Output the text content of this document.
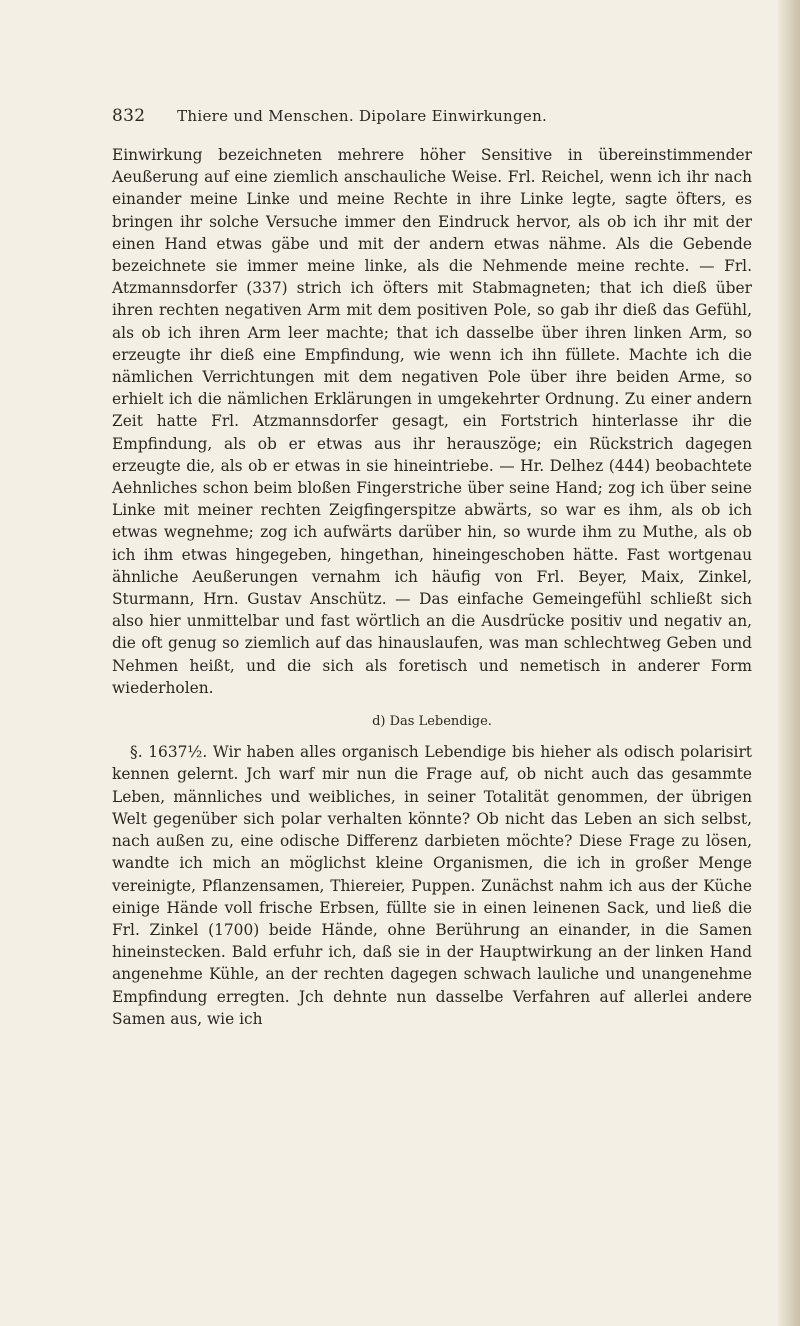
832 Thiere und Menschen. Dipolare Einwirkungen.

Einwirkung bezeichneten mehrere höher Sensitive in übereinstimmender Aeußerung auf eine ziemlich anschauliche Weise. Frl. Reichel, wenn ich ihr nach einander meine Linke und meine Rechte in ihre Linke legte, sagte öfters, es bringen ihr solche Versuche immer den Eindruck hervor, als ob ich ihr mit der einen Hand etwas gäbe und mit der andern etwas nähme. Als die Gebende bezeichnete sie immer meine linke, als die Nehmende meine rechte. — Frl. Atzmannsdorfer (337) strich ich öfters mit Stabmagneten; that ich dieß über ihren rechten negativen Arm mit dem positiven Pole, so gab ihr dieß das Gefühl, als ob ich ihren Arm leer machte; that ich dasselbe über ihren linken Arm, so erzeugte ihr dieß eine Empfindung, wie wenn ich ihn füllete. Machte ich die nämlichen Verrichtungen mit dem negativen Pole über ihre beiden Arme, so erhielt ich die nämlichen Erklärungen in umgekehrter Ordnung. Zu einer andern Zeit hatte Frl. Atzmannsdorfer gesagt, ein Fortstrich hinterlasse ihr die Empfindung, als ob er etwas aus ihr herauszöge; ein Rückstrich dagegen erzeugte die, als ob er etwas in sie hineintriebe. — Hr. Delhez (444) beobachtete Aehnliches schon beim bloßen Fingerstriche über seine Hand; zog ich über seine Linke mit meiner rechten Zeigfingerspitze abwärts, so war es ihm, als ob ich etwas wegnehme; zog ich aufwärts darüber hin, so wurde ihm zu Muthe, als ob ich ihm etwas hingegeben, hingethan, hineingeschoben hätte. Fast wortgenau ähnliche Aeußerungen vernahm ich häufig von Frl. Beyer, Maix, Zinkel, Sturmann, Hrn. Gustav Anschütz. — Das einfache Gemeingefühl schließt sich also hier unmittelbar und fast wörtlich an die Ausdrücke positiv und negativ an, die oft genug so ziemlich auf das hinauslaufen, was man schlechtweg Geben und Nehmen heißt, und die sich als foretisch und nemetisch in anderer Form wiederholen.

d) Das Lebendige.

§. 1637½. Wir haben alles organisch Lebendige bis hieher als odisch polarisirt kennen gelernt. Jch warf mir nun die Frage auf, ob nicht auch das gesammte Leben, männliches und weibliches, in seiner Totalität genommen, der übrigen Welt gegenüber sich polar verhalten könnte? Ob nicht das Leben an sich selbst, nach außen zu, eine odische Differenz darbieten möchte? Diese Frage zu lösen, wandte ich mich an möglichst kleine Organismen, die ich in großer Menge vereinigte, Pflanzensamen, Thiereier, Puppen. Zunächst nahm ich aus der Küche einige Hände voll frische Erbsen, füllte sie in einen leinenen Sack, und ließ die Frl. Zinkel (1700) beide Hände, ohne Berührung an einander, in die Samen hineinstecken. Bald erfuhr ich, daß sie in der Hauptwirkung an der linken Hand angenehme Kühle, an der rechten dagegen schwach lauliche und unangenehme Empfindung erregten. Jch dehnte nun dasselbe Verfahren auf allerlei andere Samen aus, wie ich
